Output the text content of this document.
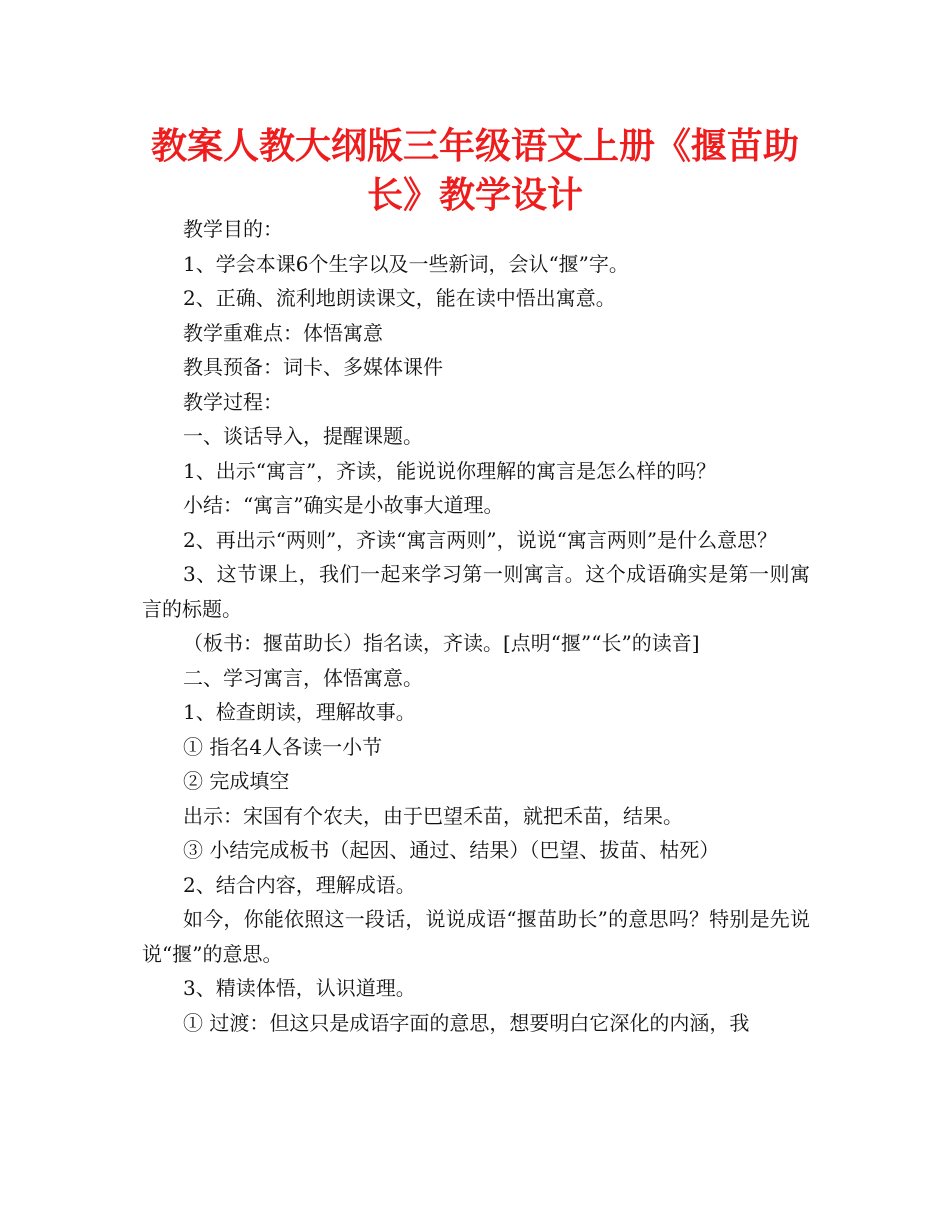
教案人教大纲版三年级语文上册《揠苗助长》教学设计

教学目的：

1、学会本课6个生字以及一些新词，会认“揠”字。

2、正确、流利地朗读课文，能在读中悟出寓意。

教学重难点：体悟寓意

教具预备：词卡、多媒体课件

教学过程：

一、谈话导入，提醒课题。

1、出示“寓言”，齐读，能说说你理解的寓言是怎么样的吗？

小结：“寓言”确实是小故事大道理。

2、再出示“两则”，齐读“寓言两则”，说说“寓言两则”是什么意思？

3、这节课上，我们一起来学习第一则寓言。这个成语确实是第一则寓言的标题。

（板书：揠苗助长）指名读，齐读。[点明“揠”“长”的读音]

二、学习寓言，体悟寓意。

1、检查朗读，理解故事。

① 指名4人各读一小节

② 完成填空

出示：宋国有个农夫，由于巴望禾苗，就把禾苗，结果。

③ 小结完成板书（起因、通过、结果）（巴望、拔苗、枯死）

2、结合内容，理解成语。

如今，你能依照这一段话，说说成语“揠苗助长”的意思吗？特别是先说说“揠”的意思。

3、精读体悟，认识道理。

① 过渡：但这只是成语字面的意思，想要明白它深化的内涵，我
